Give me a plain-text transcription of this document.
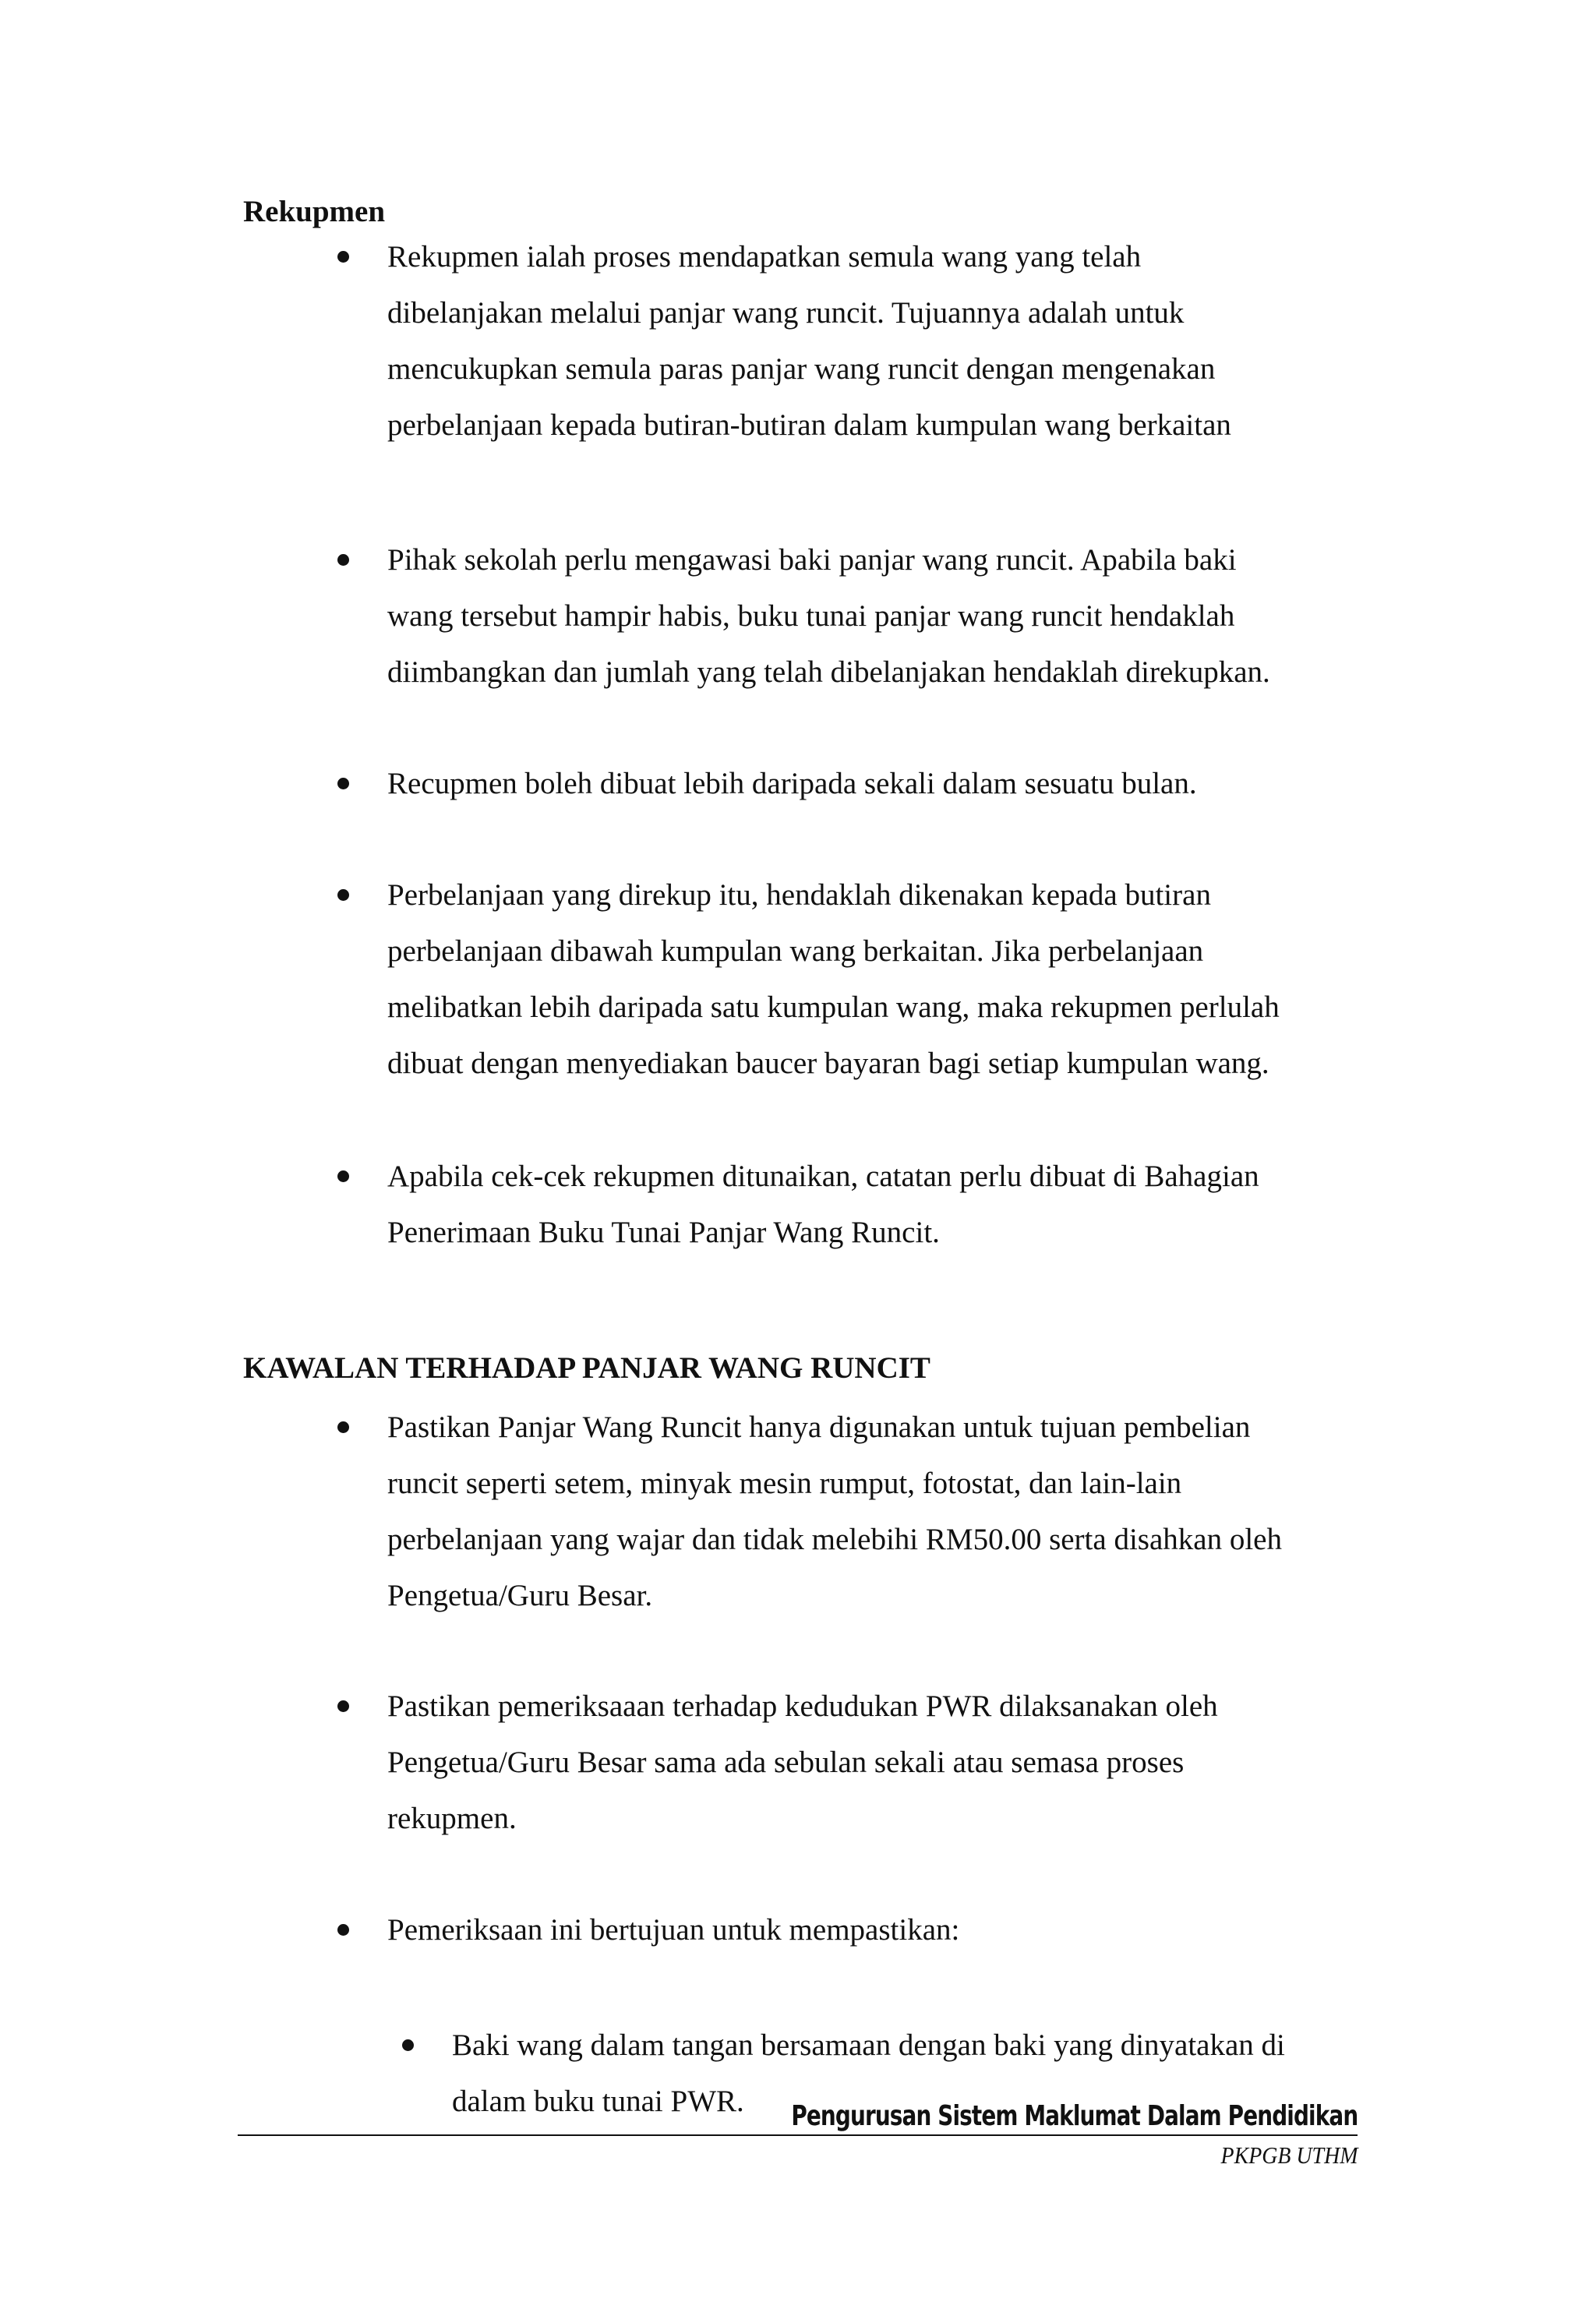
Rekupmen

Rekupmen ialah proses mendapatkan semula wang yang telah
dibelanjakan melalui panjar wang runcit. Tujuannya adalah untuk
mencukupkan semula paras panjar wang runcit dengan mengenakan
perbelanjaan kepada butiran-butiran dalam kumpulan wang berkaitan

Pihak sekolah perlu mengawasi baki panjar wang runcit. Apabila baki
wang tersebut hampir habis, buku tunai panjar wang runcit hendaklah
diimbangkan dan jumlah yang telah dibelanjakan hendaklah direkupkan.

Recupmen boleh dibuat lebih daripada sekali dalam sesuatu bulan.

Perbelanjaan yang direkup itu, hendaklah dikenakan kepada butiran
perbelanjaan dibawah kumpulan wang berkaitan. Jika perbelanjaan
melibatkan lebih daripada satu kumpulan wang, maka rekupmen perlulah
dibuat dengan menyediakan baucer bayaran bagi setiap kumpulan wang.

Apabila cek-cek rekupmen ditunaikan, catatan perlu dibuat di Bahagian
Penerimaan Buku Tunai Panjar Wang Runcit.

KAWALAN TERHADAP PANJAR WANG RUNCIT

Pastikan Panjar Wang Runcit hanya digunakan untuk tujuan pembelian
runcit seperti setem, minyak mesin rumput, fotostat, dan lain-lain
perbelanjaan yang wajar dan tidak melebihi RM50.00 serta disahkan oleh
Pengetua/Guru Besar.

Pastikan pemeriksaaan terhadap kedudukan PWR dilaksanakan oleh
Pengetua/Guru Besar sama ada sebulan sekali atau semasa proses
rekupmen.

Pemeriksaan ini bertujuan untuk mempastikan:

Baki wang dalam tangan bersamaan dengan baki yang dinyatakan di
dalam buku tunai PWR.	Pengurusan Sistem Maklumat Dalam Pendidikan

PKPGB UTHM
